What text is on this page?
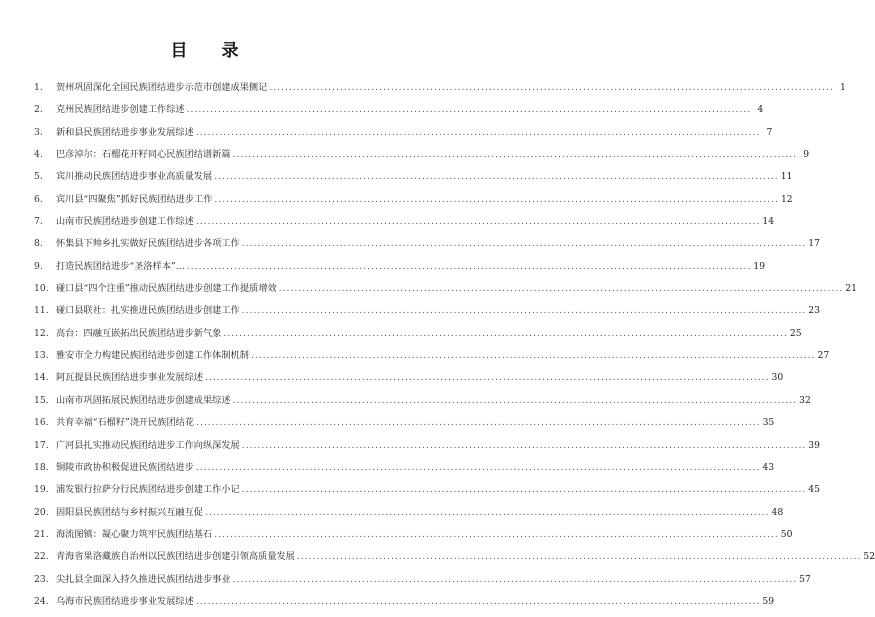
目 录
1.	贺州巩固深化全国民族团结进步示范市创建成果侧记 .....	1
2.	克州民族团结进步创建工作综述 .....	4
3.	新和县民族团结进步事业发展综述 .....	7
4.	巴彦淖尔：石榴花开籽同心民族团结谱新篇 .....	9
5.	宾川推动民族团结进步事业高质量发展 .....	11
6.	宾川县“四聚焦”抓好民族团结进步工作 .....	12
7.	山南市民族团结进步创建工作综述 .....	14
8.	怀集县下帅乡扎实做好民族团结进步各项工作 .....	17
9.	打造民族团结进步“圣洛样本”… .....	19
10. 碰口县“四个注重”推动民族团结进步创建工作提质增效 .....	21
11. 碰口县联社：扎实推进民族团结进步创建工作 .....	23
12. 高台：四融互嵌拓出民族团结进步新气象 .....	25
13. 雅安市全力构建民族团结进步创建工作体制机制 .....	27
14. 阿瓦提县民族团结进步事业发展综述 .....	30
15. 山南市巩固拓展民族团结进步创建成果综述 .....	32
16. 共育幸福“石榴籽”浇开民族团结花 .....	35
17. 广河县扎实推动民族团结进步工作向纵深发展 .....	39
18. 铜陵市政协积极促进民族团结进步 .....	43
19. 浦发银行拉萨分行民族团结进步创建工作小记 .....	45
20. 固阳县民族团结与乡村振兴互融互促 .....	48
21. 海流图镇：凝心聚力筑牢民族团结基石 .....	50
22. 青海省果洛藏族自治州以民族团结进步创建引领高质量发展 .....	52
23. 尖扎县全面深入持久推进民族团结进步事业 .....	57
24. 乌海市民族团结进步事业发展综述 .....	59
